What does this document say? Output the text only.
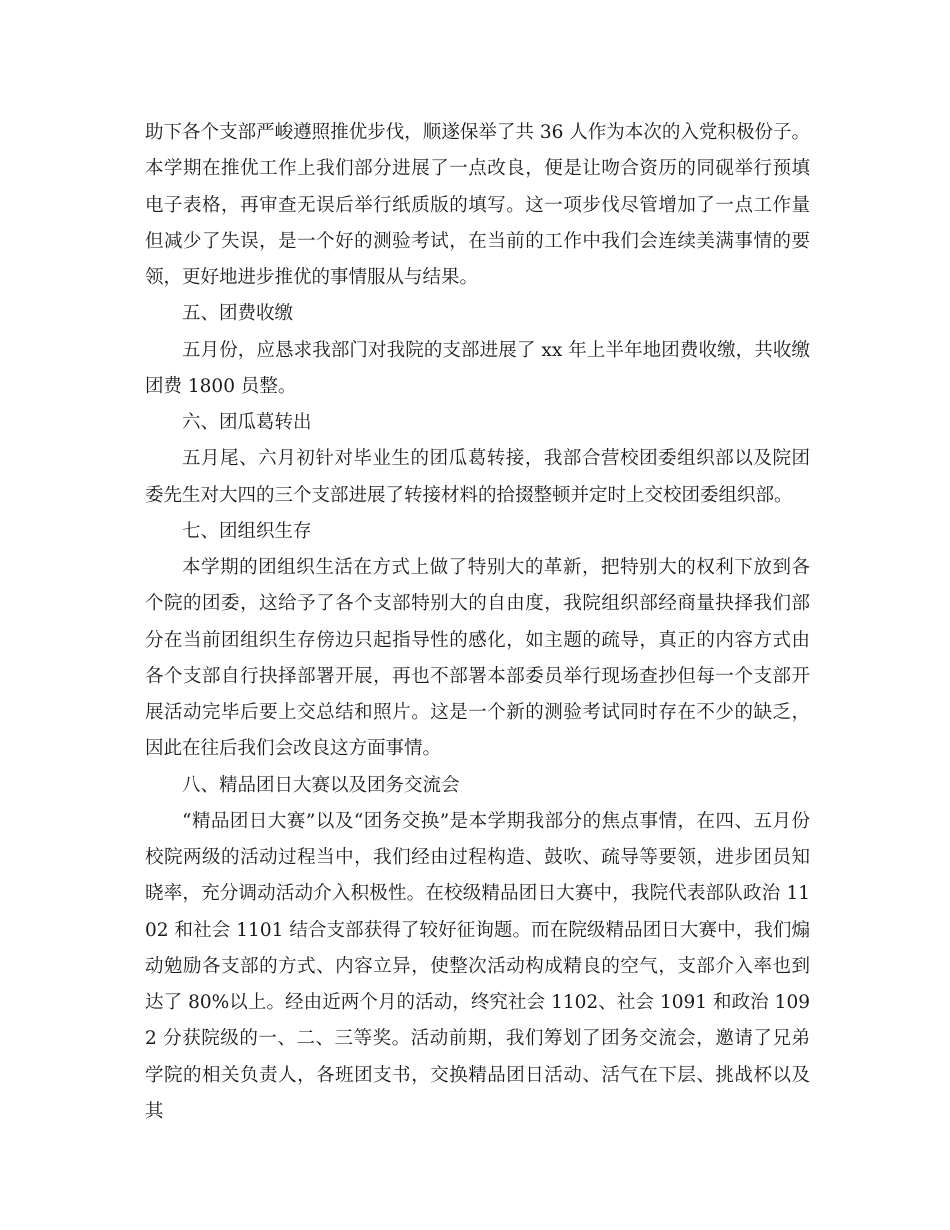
助下各个支部严峻遵照推优步伐，顺遂保举了共 36 人作为本次的入党积极份子。本学期在推优工作上我们部分进展了一点改良，便是让吻合资历的同砚举行预填电子表格，再审查无误后举行纸质版的填写。这一项步伐尽管增加了一点工作量但减少了失误，是一个好的测验考试，在当前的工作中我们会连续美满事情的要领，更好地进步推优的事情服从与结果。

五、团费收缴

五月份，应恳求我部门对我院的支部进展了 xx 年上半年地团费收缴，共收缴团费 1800 员整。

六、团瓜葛转出

五月尾、六月初针对毕业生的团瓜葛转接，我部合营校团委组织部以及院团委先生对大四的三个支部进展了转接材料的拾掇整顿并定时上交校团委组织部。

七、团组织生存

本学期的团组织生活在方式上做了特别大的革新，把特别大的权利下放到各个院的团委，这给予了各个支部特别大的自由度，我院组织部经商量抉择我们部分在当前团组织生存傍边只起指导性的感化，如主题的疏导，真正的内容方式由各个支部自行抉择部署开展，再也不部署本部委员举行现场查抄但每一个支部开展活动完毕后要上交总结和照片。这是一个新的测验考试同时存在不少的缺乏，因此在往后我们会改良这方面事情。

八、精品团日大赛以及团务交流会

“精品团日大赛”以及“团务交换”是本学期我部分的焦点事情，在四、五月份校院两级的活动过程当中，我们经由过程构造、鼓吹、疏导等要领，进步团员知晓率，充分调动活动介入积极性。在校级精品团日大赛中，我院代表部队政治 1102 和社会 1101 结合支部获得了较好征询题。而在院级精品团日大赛中，我们煽动勉励各支部的方式、内容立异，使整次活动构成精良的空气，支部介入率也到达了 80%以上。经由近两个月的活动，终究社会 1102、社会 1091 和政治 1092 分获院级的一、二、三等奖。活动前期，我们筹划了团务交流会，邀请了兄弟学院的相关负责人，各班团支书，交换精品团日活动、活气在下层、挑战杯以及其
